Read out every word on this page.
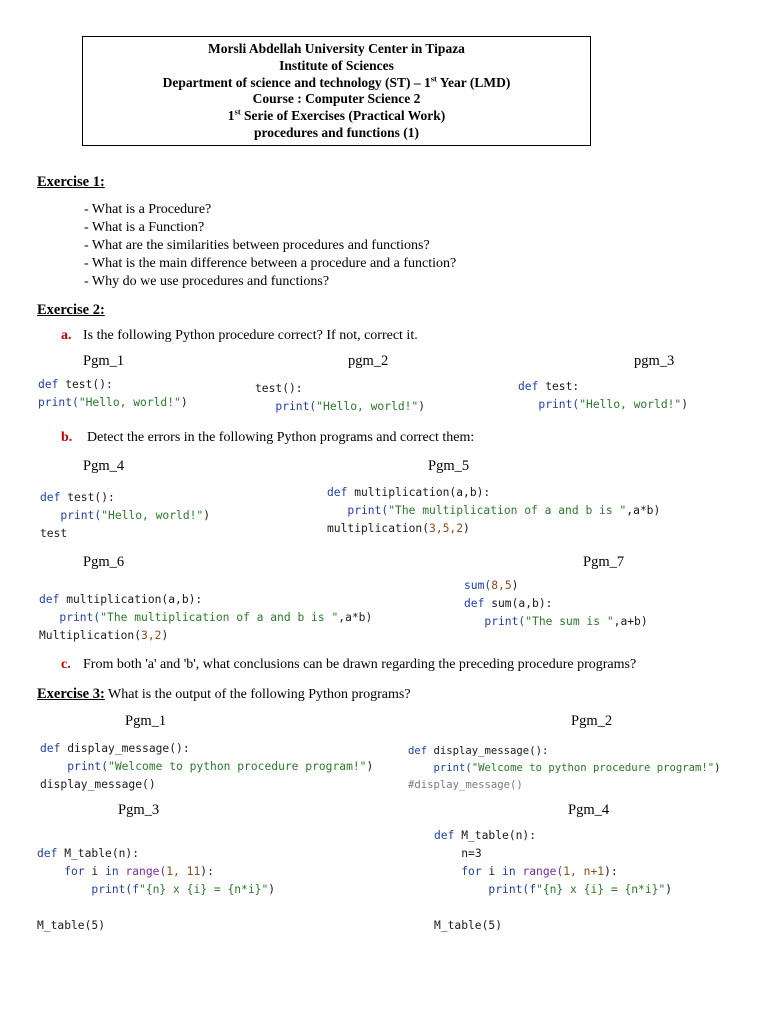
Morsli Abdellah University Center in Tipaza
Institute of Sciences
Department of science and technology (ST) – 1st Year (LMD)
Course : Computer Science 2
1st Serie of Exercises (Practical Work)
procedures and functions (1)
Exercise 1:
- What is a Procedure?
- What is a Function?
- What are the similarities between procedures and functions?
- What is the main difference between a procedure and a function?
- Why do we use procedures and functions?
Exercise 2:
a. Is the following Python procedure correct? If not, correct it.
Pgm_1	pgm_2	pgm_3
def test():
print("Hello, world!")
test():
print("Hello, world!")
def test:
print("Hello, world!")
b. Detect the errors in the following Python programs and correct them:
Pgm_4	Pgm_5
def test():
print("Hello, world!")
test
def multiplication(a,b):
print("The multiplication of a and b is ",a*b)
multiplication(3,5,2)
Pgm_6	Pgm_7
def multiplication(a,b):
print("The multiplication of a and b is ",a*b)
Multiplication(3,2)
sum(8,5)
def sum(a,b):
print("The sum is ",a+b)
c. From both 'a' and 'b', what conclusions can be drawn regarding the preceding procedure programs?
Exercise 3: What is the output of the following Python programs?
Pgm_1	Pgm_2
def display_message():
print("Welcome to python procedure program!")
display_message()
def display_message():
print("Welcome to python procedure program!")
#display_message()
Pgm_3	Pgm_4
def M_table(n):
for i in range(1, 11):
print(f"{n} x {i} = {n*i}")

M_table(5)
def M_table(n):
n=3
for i in range(1, n+1):
print(f"{n} x {i} = {n*i}")

M_table(5)
